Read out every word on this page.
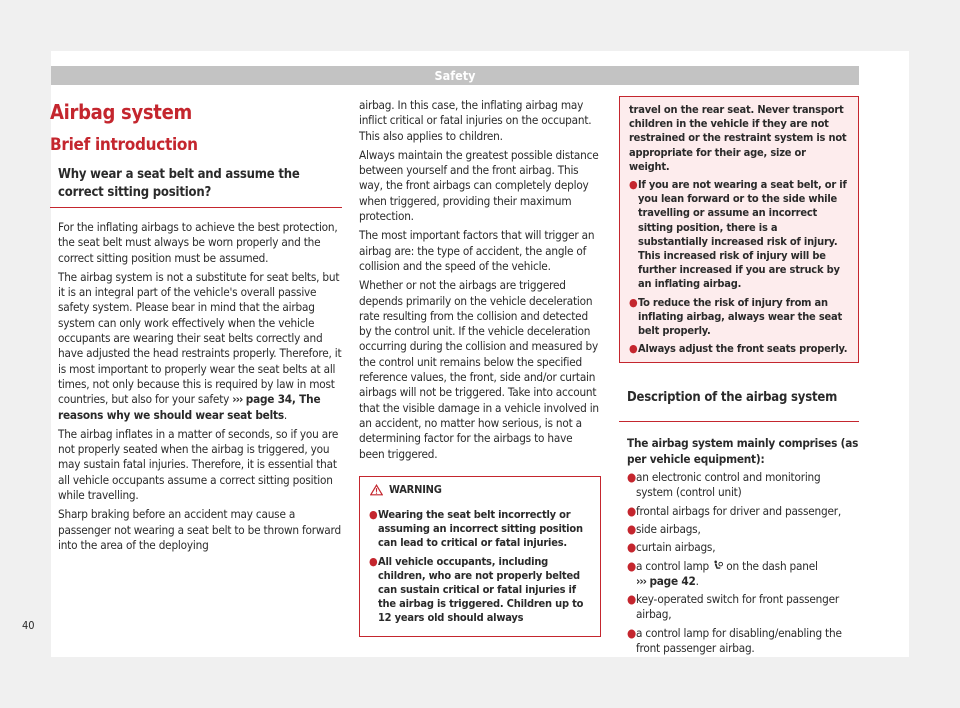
Safety
Airbag system
Brief introduction
Why wear a seat belt and assume the correct sitting position?

For the inflating airbags to achieve the best protection, the seat belt must always be worn properly and the correct sitting position must be assumed.

The airbag system is not a substitute for seat belts, but it is an integral part of the vehicle's overall passive safety system. Please bear in mind that the airbag system can only work effectively when the vehicle occupants are wearing their seat belts correctly and have adjusted the head restraints properly. Therefore, it is most important to properly wear the seat belts at all times, not only because this is required by law in most countries, but also for your safety ››› page 34, The reasons why we should wear seat belts.

The airbag inflates in a matter of seconds, so if you are not properly seated when the airbag is triggered, you may sustain fatal injuries. Therefore, it is essential that all vehicle occupants assume a correct sitting position while travelling.

Sharp braking before an accident may cause a passenger not wearing a seat belt to be thrown forward into the area of the deploying

airbag. In this case, the inflating airbag may inflict critical or fatal injuries on the occupant. This also applies to children.

Always maintain the greatest possible distance between yourself and the front airbag. This way, the front airbags can completely deploy when triggered, providing their maximum protection.

The most important factors that will trigger an airbag are: the type of accident, the angle of collision and the speed of the vehicle.

Whether or not the airbags are triggered depends primarily on the vehicle deceleration rate resulting from the collision and detected by the control unit. If the vehicle deceleration occurring during the collision and measured by the control unit remains below the specified reference values, the front, side and/or curtain airbags will not be triggered. Take into account that the visible damage in a vehicle involved in an accident, no matter how serious, is not a determining factor for the airbags to have been triggered.

WARNING
● Wearing the seat belt incorrectly or assuming an incorrect sitting position can lead to critical or fatal injuries.
● All vehicle occupants, including children, who are not properly belted can sustain critical or fatal injuries if the airbag is triggered. Children up to 12 years old should always
travel on the rear seat. Never transport children in the vehicle if they are not restrained or the restraint system is not appropriate for their age, size or weight.
● If you are not wearing a seat belt, or if you lean forward or to the side while travelling or assume an incorrect sitting position, there is a substantially increased risk of injury. This increased risk of injury will be further increased if you are struck by an inflating airbag.
● To reduce the risk of injury from an inflating airbag, always wear the seat belt properly.
● Always adjust the front seats properly.
Description of the airbag system

The airbag system mainly comprises (as per vehicle equipment):

● an electronic control and monitoring system (control unit)
● frontal airbags for driver and passenger,
● side airbags,
● curtain airbags,
● a control lamp  on the dash panel
››› page 42.
● key-operated switch for front passenger airbag,
● a control lamp for disabling/enabling the front passenger airbag.
40
